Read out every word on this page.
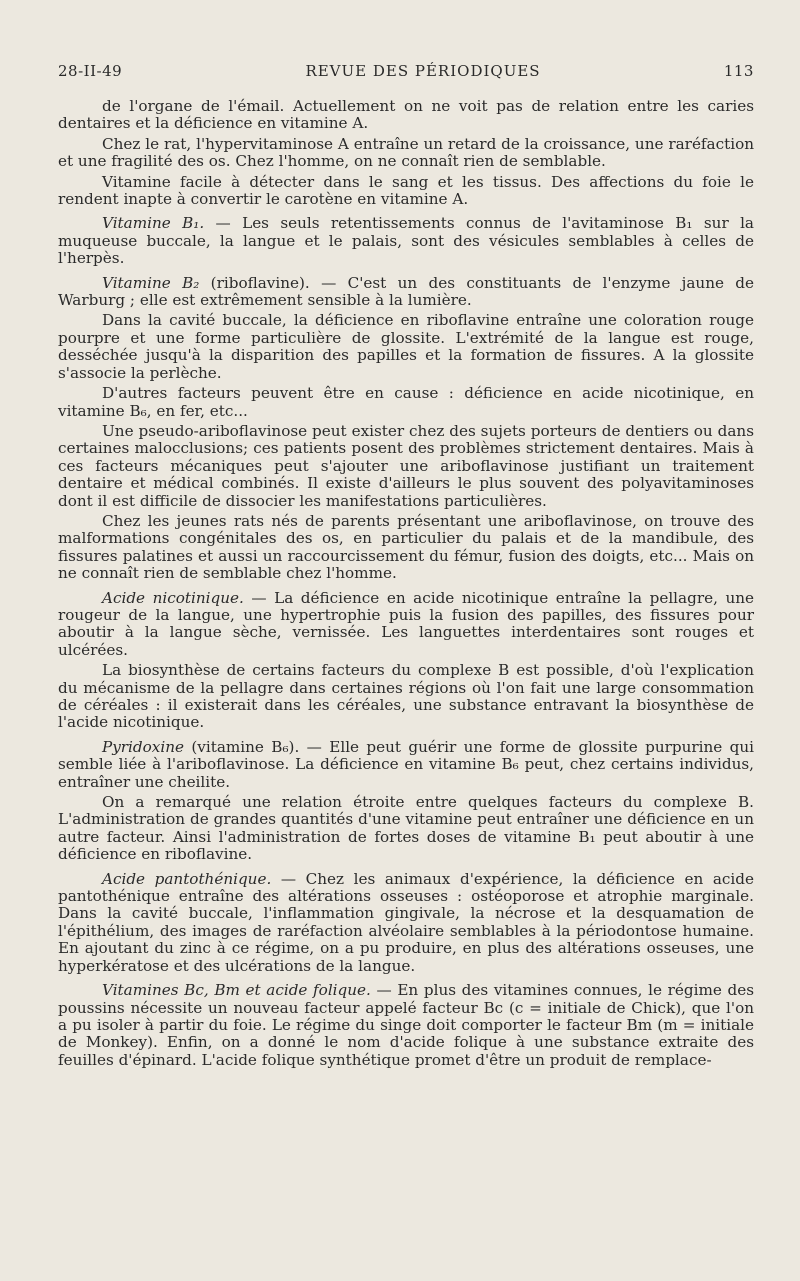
28-II-49	REVUE DES PÉRIODIQUES	113

de l'organe de l'émail. Actuellement on ne voit pas de relation entre les caries dentaires et la déficience en vitamine A.

Chez le rat, l'hypervitaminose A entraîne un retard de la croissance, une raréfaction et une fragilité des os. Chez l'homme, on ne connaît rien de semblable.

Vitamine facile à détecter dans le sang et les tissus. Des affections du foie le rendent inapte à convertir le carotène en vitamine A.

Vitamine B₁. — Les seuls retentissements connus de l'avitaminose B₁ sur la muqueuse buccale, la langue et le palais, sont des vésicules semblables à celles de l'herpès.

Vitamine B₂ (riboflavine). — C'est un des constituants de l'enzyme jaune de Warburg ; elle est extrêmement sensible à la lumière.

Dans la cavité buccale, la déficience en riboflavine entraîne une coloration rouge pourpre et une forme particulière de glossite. L'extrémité de la langue est rouge, desséchée jusqu'à la disparition des papilles et la formation de fissures. A la glossite s'associe la perlèche.

D'autres facteurs peuvent être en cause : déficience en acide nicotinique, en vitamine B₆, en fer, etc...

Une pseudo-ariboflavinose peut exister chez des sujets porteurs de dentiers ou dans certaines malocclusions; ces patients posent des problèmes strictement dentaires. Mais à ces facteurs mécaniques peut s'ajouter une ariboflavinose justifiant un traitement dentaire et médical combinés. Il existe d'ailleurs le plus souvent des polyavitaminoses dont il est difficile de dissocier les manifestations particulières.

Chez les jeunes rats nés de parents présentant une ariboflavinose, on trouve des malformations congénitales des os, en particulier du palais et de la mandibule, des fissures palatines et aussi un raccourcissement du fémur, fusion des doigts, etc... Mais on ne connaît rien de semblable chez l'homme.

Acide nicotinique. — La déficience en acide nicotinique entraîne la pellagre, une rougeur de la langue, une hypertrophie puis la fusion des papilles, des fissures pour aboutir à la langue sèche, vernissée. Les languettes interdentaires sont rouges et ulcérées.

La biosynthèse de certains facteurs du complexe B est possible, d'où l'explication du mécanisme de la pellagre dans certaines régions où l'on fait une large consommation de céréales : il existerait dans les céréales, une substance entravant la biosynthèse de l'acide nicotinique.

Pyridoxine (vitamine B₆). — Elle peut guérir une forme de glossite purpurine qui semble liée à l'ariboflavinose. La déficience en vitamine B₆ peut, chez certains individus, entraîner une cheilite.

On a remarqué une relation étroite entre quelques facteurs du complexe B. L'administration de grandes quantités d'une vitamine peut entraîner une déficience en un autre facteur. Ainsi l'administration de fortes doses de vitamine B₁ peut aboutir à une déficience en riboflavine.

Acide pantothénique. — Chez les animaux d'expérience, la déficience en acide pantothénique entraîne des altérations osseuses : ostéoporose et atrophie marginale. Dans la cavité buccale, l'inflammation gingivale, la nécrose et la desquamation de l'épithélium, des images de raréfaction alvéolaire semblables à la périodontose humaine. En ajoutant du zinc à ce régime, on a pu produire, en plus des altérations osseuses, une hyperkératose et des ulcérations de la langue.

Vitamines Bc, Bm et acide folique. — En plus des vitamines connues, le régime des poussins nécessite un nouveau facteur appelé facteur Bc (c = initiale de Chick), que l'on a pu isoler à partir du foie. Le régime du singe doit comporter le facteur Bm (m = initiale de Monkey). Enfin, on a donné le nom d'acide folique à une substance extraite des feuilles d'épinard. L'acide folique synthétique promet d'être un produit de remplace-
